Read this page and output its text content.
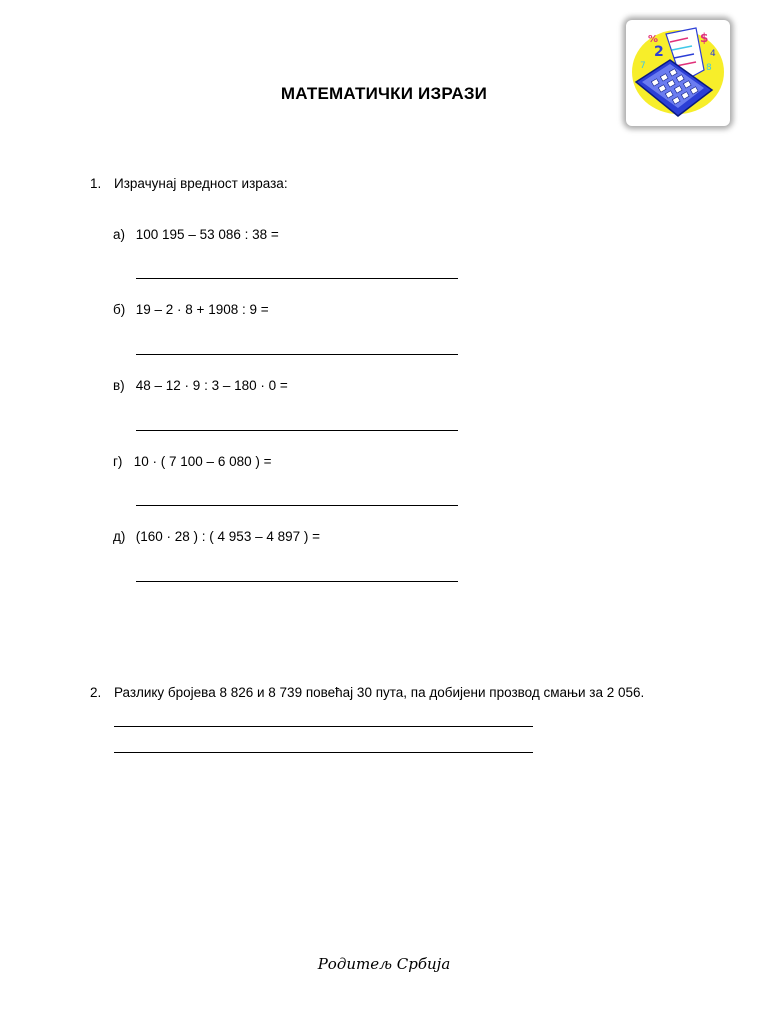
2
%	$
4
8
7
МАТЕМАТИЧКИ ИЗРАЗИ
1. Израчунај вредност израза:
а) 100 195 – 53 086 : 38 =
б) 19 – 2 · 8 + 1908 : 9 =
в) 48 – 12 · 9 : 3 – 180 · 0 =
г) 10 · ( 7 100 – 6 080 ) =
д) (160 · 28 ) : ( 4 953 – 4 897 ) =
2. Разлику бројева 8 826 и 8 739 повећај 30 пута, па добијени прозвод смањи за 2 056.
Родитељ Србија
